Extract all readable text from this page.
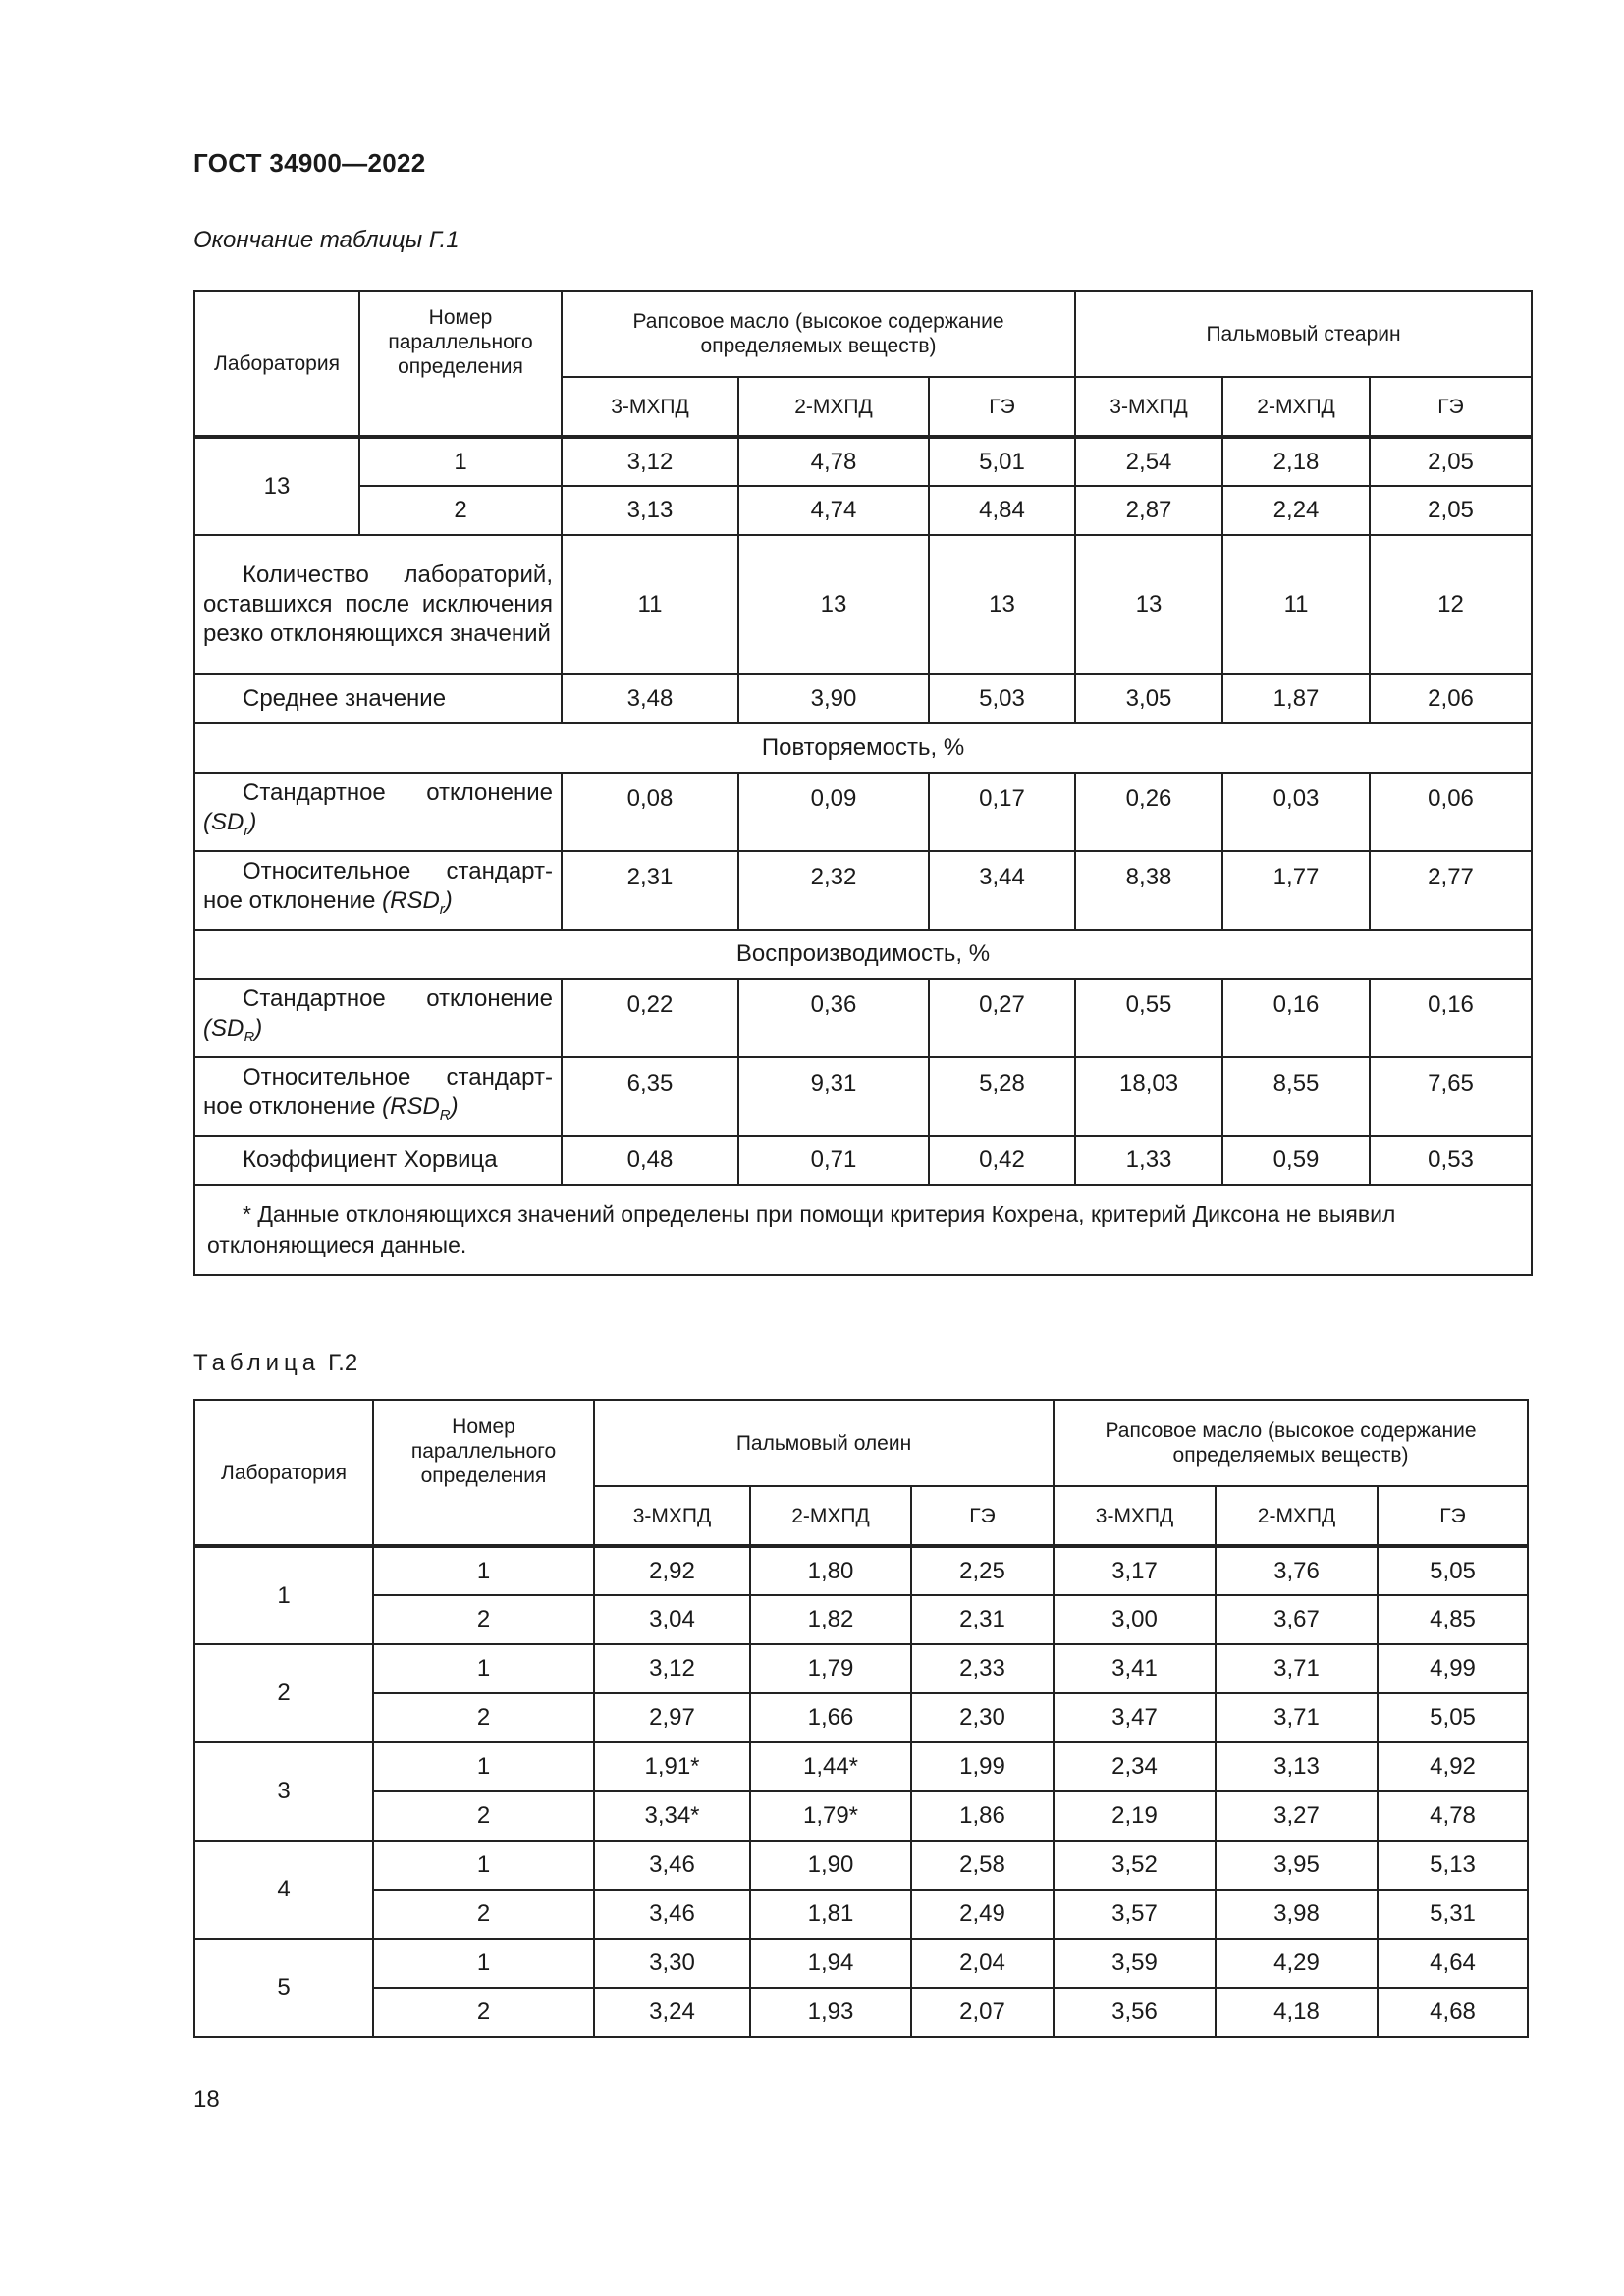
ГОСТ 34900—2022
Окончание таблицы Г.1
Лаборатория	Номер параллельного определения	Рапсовое масло (высокое содержание определяемых веществ)			Пальмовый стеарин		
		3-МХПД	2-МХПД	ГЭ	3-МХПД	2-МХПД	ГЭ
13	1	3,12	4,78	5,01	2,54	2,18	2,05
	2	3,13	4,74	4,84	2,87	2,24	2,05
Количество лабораторий, оставшихся после исключения резко отклоняющихся значений		11	13	13	13	11	12
Среднее значение		3,48	3,90	5,03	3,05	1,87	2,06
Повторяемость, %							
Стандартное отклонение $(SD_r)$		0,08	0,09	0,17	0,26	0,03	0,06
Относительное стандартное отклонение $(RSD_r)$		2,31	2,32	3,44	8,38	1,77	2,77
Воспроизводимость, %							
Стандартное отклонение $(SD_R)$		0,22	0,36	0,27	0,55	0,16	0,16
Относительное стандартное отклонение $(RSD_R)$		6,35	9,31	5,28	18,03	8,55	7,65
Коэффициент Хорвица		0,48	0,71	0,42	1,33	0,59	0,53
* Данные отклоняющихся значений определены при помощи критерия Кохрена, критерий Диксона не выявил отклоняющиеся данные.							
Таблица Г.2
Лаборатория	Номер параллельного определения	Пальмовый олеин			Рапсовое масло (высокое содержание определяемых веществ)		
		3-МХПД	2-МХПД	ГЭ	3-МХПД	2-МХПД	ГЭ
1	1	2,92	1,80	2,25	3,17	3,76	5,05
	2	3,04	1,82	2,31	3,00	3,67	4,85
2	1	3,12	1,79	2,33	3,41	3,71	4,99
	2	2,97	1,66	2,30	3,47	3,71	5,05
3	1	1,91*	1,44*	1,99	2,34	3,13	4,92
	2	3,34*	1,79*	1,86	2,19	3,27	4,78
4	1	3,46	1,90	2,58	3,52	3,95	5,13
	2	3,46	1,81	2,49	3,57	3,98	5,31
5	1	3,30	1,94	2,04	3,59	4,29	4,64
	2	3,24	1,93	2,07	3,56	4,18	4,68
18
